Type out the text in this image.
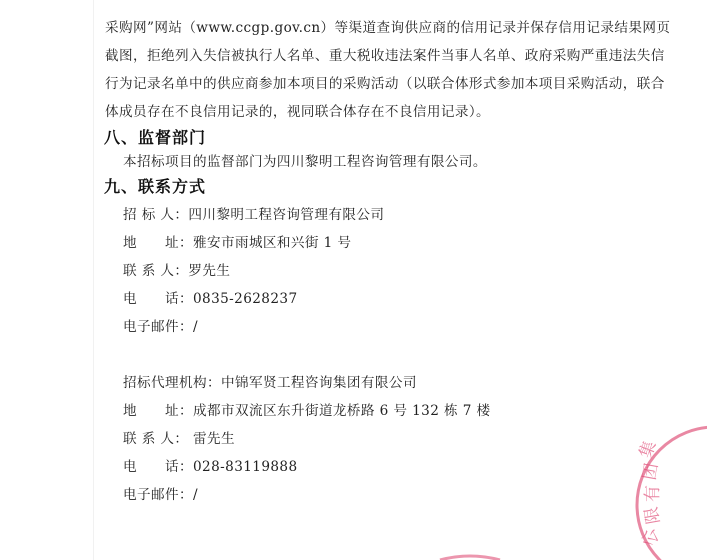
采购网”网站（www.ccgp.gov.cn）等渠道查询供应商的信用记录并保存信用记录结果网页
截图，拒绝列入失信被执行人名单、重大税收违法案件当事人名单、政府采购严重违法失信
行为记录名单中的供应商参加本项目的采购活动（以联合体形式参加本项目采购活动，联合
体成员存在不良信用记录的，视同联合体存在不良信用记录）。
八、监督部门
本招标项目的监督部门为四川黎明工程咨询管理有限公司。
九、联系方式
招 标 人：四川黎明工程咨询管理有限公司
地　　址：雅安市雨城区和兴街 1 号
联 系 人：罗先生
电　　话：0835-2628237
电子邮件：/
招标代理机构：中锦军贤工程咨询集团有限公司
地　　址：成都市双流区东升街道龙桥路 6 号 132 栋 7 楼
联 系 人： 雷先生
电　　话：028-83119888
电子邮件：/
集
团
有
限
公
